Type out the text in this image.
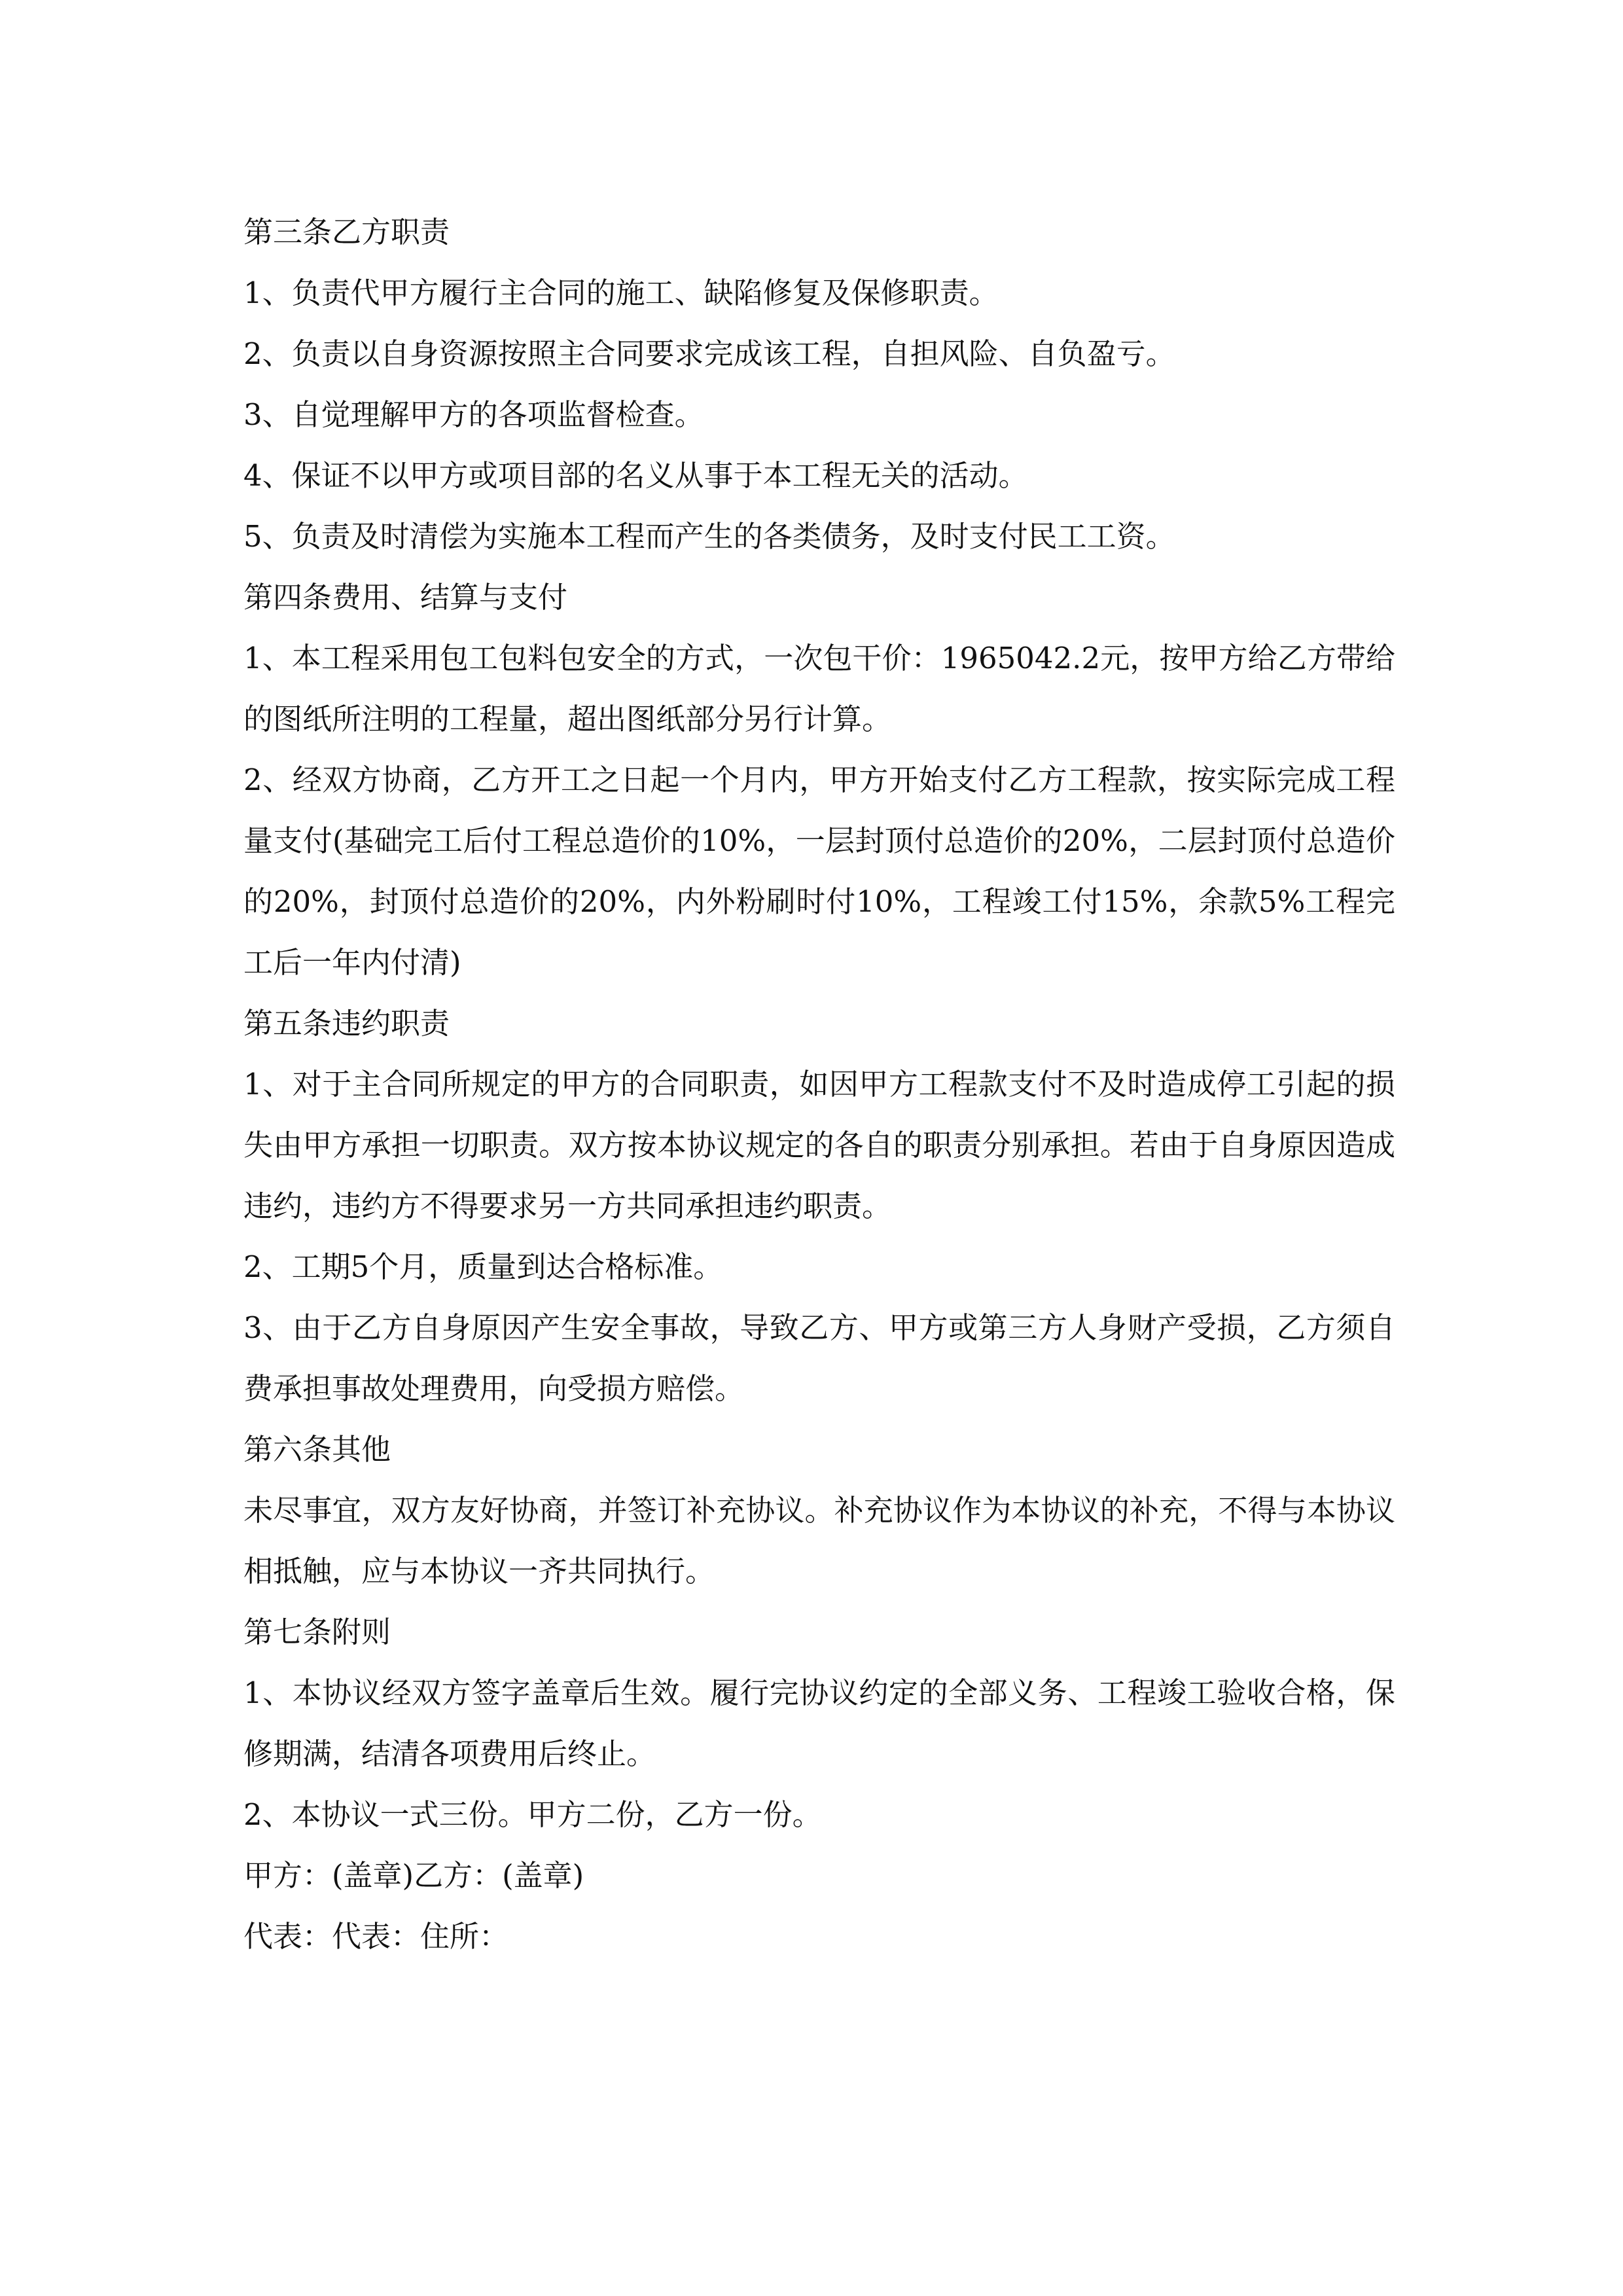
第三条乙方职责

1、负责代甲方履行主合同的施工、缺陷修复及保修职责。

2、负责以自身资源按照主合同要求完成该工程，自担风险、自负盈亏。

3、自觉理解甲方的各项监督检查。

4、保证不以甲方或项目部的名义从事于本工程无关的活动。

5、负责及时清偿为实施本工程而产生的各类债务，及时支付民工工资。

第四条费用、结算与支付

1、本工程采用包工包料包安全的方式，一次包干价：1965042.2元，按甲方给乙方带给的图纸所注明的工程量，超出图纸部分另行计算。

2、经双方协商，乙方开工之日起一个月内，甲方开始支付乙方工程款，按实际完成工程量支付(基础完工后付工程总造价的10%，一层封顶付总造价的20%，二层封顶付总造价的20%，封顶付总造价的20%，内外粉刷时付10%，工程竣工付15%，余款5%工程完工后一年内付清)

第五条违约职责

1、对于主合同所规定的甲方的合同职责，如因甲方工程款支付不及时造成停工引起的损失由甲方承担一切职责。双方按本协议规定的各自的职责分别承担。若由于自身原因造成违约，违约方不得要求另一方共同承担违约职责。

2、工期5个月，质量到达合格标准。

3、由于乙方自身原因产生安全事故，导致乙方、甲方或第三方人身财产受损，乙方须自费承担事故处理费用，向受损方赔偿。

第六条其他

未尽事宜，双方友好协商，并签订补充协议。补充协议作为本协议的补充，不得与本协议相抵触，应与本协议一齐共同执行。

第七条附则

1、本协议经双方签字盖章后生效。履行完协议约定的全部义务、工程竣工验收合格，保修期满，结清各项费用后终止。

2、本协议一式三份。甲方二份，乙方一份。

甲方：(盖章)乙方：(盖章)

代表：代表：住所：
